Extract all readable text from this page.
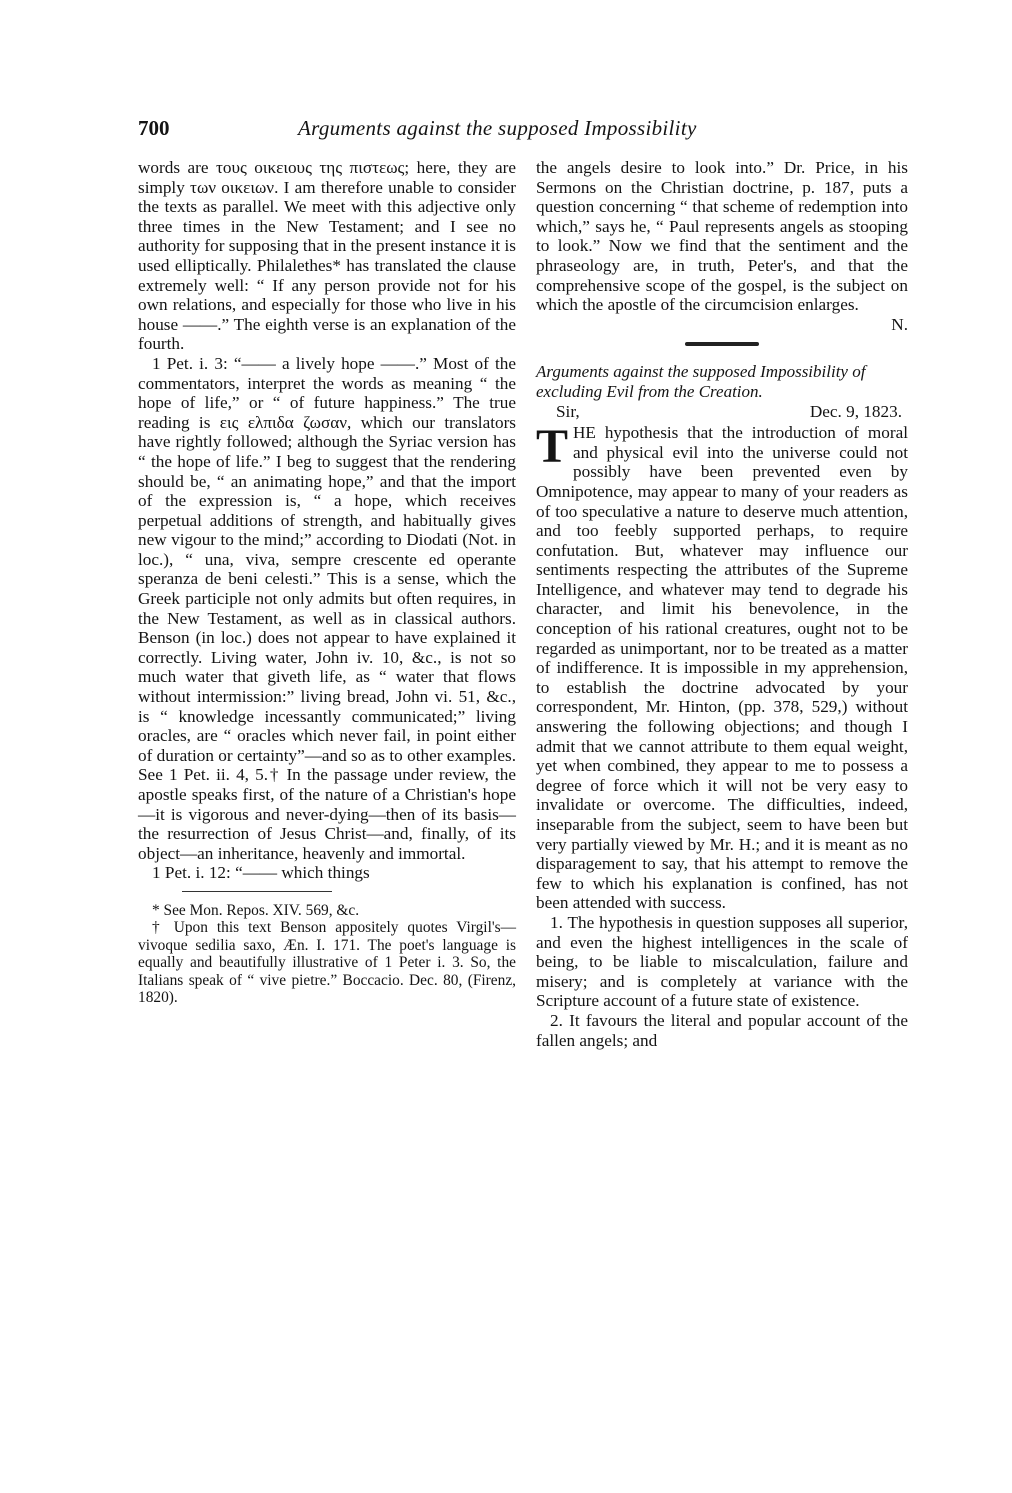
700	Arguments against the supposed Impossibility

words are τους οικειους της πιστεως; here, they are simply των οικειων. I am therefore unable to consider the texts as parallel. We meet with this adjective only three times in the New Testament; and I see no authority for supposing that in the present instance it is used elliptically. Philalethes* has translated the clause extremely well: “ If any person provide not for his own relations, and especially for those who live in his house ——.” The eighth verse is an explanation of the fourth.

1 Pet. i. 3: “—— a lively hope ——.” Most of the commentators, interpret the words as meaning “ the hope of life,” or “ of future happiness.” The true reading is εις ελπιδα ζωσαν, which our translators have rightly followed; although the Syriac version has “ the hope of life.” I beg to suggest that the rendering should be, “ an animating hope,” and that the import of the expression is, “ a hope, which receives perpetual additions of strength, and habitually gives new vigour to the mind;” according to Diodati (Not. in loc.), “ una, viva, sempre crescente ed operante speranza de beni celesti.” This is a sense, which the Greek participle not only admits but often requires, in the New Testament, as well as in classical authors. Benson (in loc.) does not appear to have explained it correctly. Living water, John iv. 10, &c., is not so much water that giveth life, as “ water that flows without intermission:” living bread, John vi. 51, &c., is “ knowledge incessantly communicated;” living oracles, are “ oracles which never fail, in point either of duration or certainty”—and so as to other examples. See 1 Pet. ii. 4, 5.† In the passage under review, the apostle speaks first, of the nature of a Christian's hope—it is vigorous and never-dying—then of its basis—the resurrection of Jesus Christ—and, finally, of its object—an inheritance, heavenly and immortal.

1 Pet. i. 12: “—— which things

* See Mon. Repos. XIV. 569, &c.

† Upon this text Benson appositely quotes Virgil's—vivoque sedilia saxo, Æn. I. 171. The poet's language is equally and beautifully illustrative of 1 Peter i. 3. So, the Italians speak of “ vive pietre.” Boccacio. Dec. 80, (Firenz, 1820).

the angels desire to look into.” Dr. Price, in his Sermons on the Christian doctrine, p. 187, puts a question concerning “ that scheme of redemption into which,” says he, “ Paul represents angels as stooping to look.” Now we find that the sentiment and the phraseology are, in truth, Peter's, and that the comprehensive scope of the gospel, is the subject on which the apostle of the circumcision enlarges.

N.

Arguments against the supposed Impossibility of excluding Evil from the Creation.

Sir,	Dec. 9, 1823.

THE hypothesis that the introduction of moral and physical evil into the universe could not possibly have been prevented even by Omnipotence, may appear to many of your readers as of too speculative a nature to deserve much attention, and too feebly supported perhaps, to require confutation. But, whatever may influence our sentiments respecting the attributes of the Supreme Intelligence, and whatever may tend to degrade his character, and limit his benevolence, in the conception of his rational creatures, ought not to be regarded as unimportant, nor to be treated as a matter of indifference. It is impossible in my apprehension, to establish the doctrine advocated by your correspondent, Mr. Hinton, (pp. 378, 529,) without answering the following objections; and though I admit that we cannot attribute to them equal weight, yet when combined, they appear to me to possess a degree of force which it will not be very easy to invalidate or overcome. The difficulties, indeed, inseparable from the subject, seem to have been but very partially viewed by Mr. H.; and it is meant as no disparagement to say, that his attempt to remove the few to which his explanation is confined, has not been attended with success.

1. The hypothesis in question supposes all superior, and even the highest intelligences in the scale of being, to be liable to miscalculation, failure and misery; and is completely at variance with the Scripture account of a future state of existence.

2. It favours the literal and popular account of the fallen angels; and
